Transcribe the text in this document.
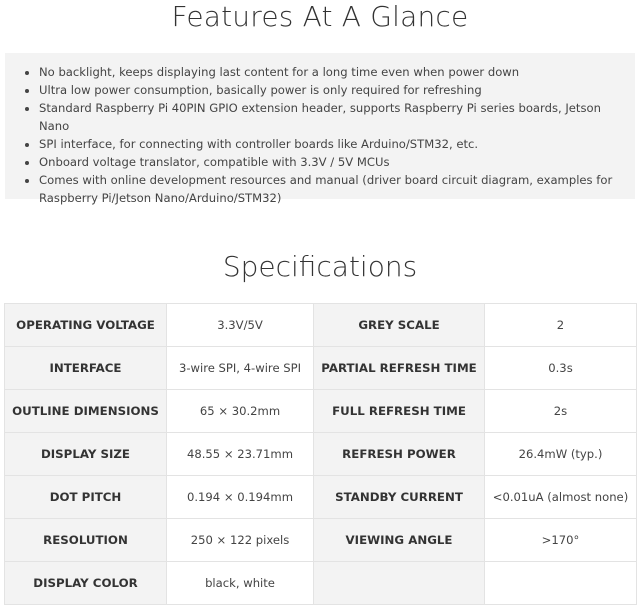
Features At A Glance
• No backlight, keeps displaying last content for a long time even when power down
• Ultra low power consumption, basically power is only required for refreshing
• Standard Raspberry Pi 40PIN GPIO extension header, supports Raspberry Pi series boards, Jetson Nano
• SPI interface, for connecting with controller boards like Arduino/STM32, etc.
• Onboard voltage translator, compatible with 3.3V / 5V MCUs
• Comes with online development resources and manual (driver board circuit diagram, examples for Raspberry Pi/Jetson Nano/Arduino/STM32)
Specifications
OPERATING VOLTAGE	3.3V/5V	GREY SCALE	2
INTERFACE	3-wire SPI, 4-wire SPI	PARTIAL REFRESH TIME	0.3s
OUTLINE DIMENSIONS	65 × 30.2mm	FULL REFRESH TIME	2s
DISPLAY SIZE	48.55 × 23.71mm	REFRESH POWER	26.4mW (typ.)
DOT PITCH	0.194 × 0.194mm	STANDBY CURRENT	<0.01uA (almost none)
RESOLUTION	250 × 122 pixels	VIEWING ANGLE	>170°
DISPLAY COLOR	black, white		
